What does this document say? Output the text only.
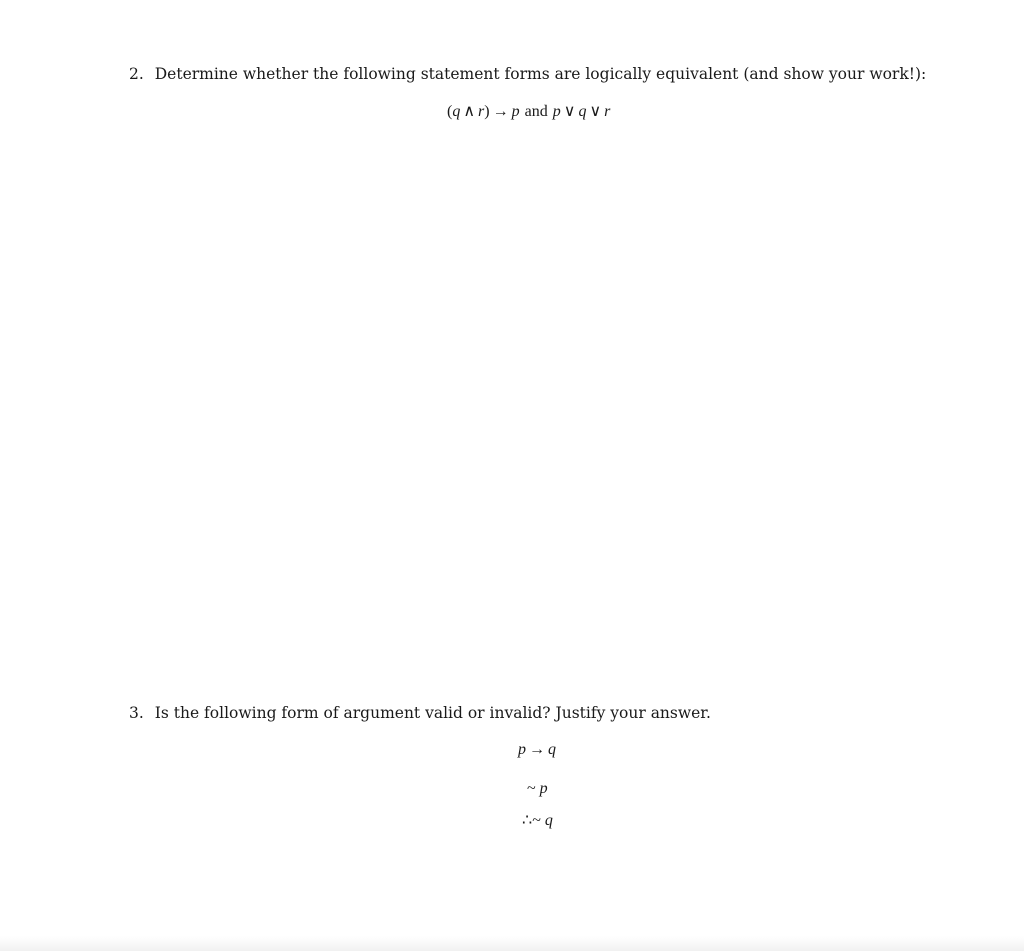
2. Determine whether the following statement forms are logically equivalent (and show your work!):
(q ∧ r) → p and p ∨ q ∨ r
3. Is the following form of argument valid or invalid? Justify your answer.
p → q
~ p
∴~ q
